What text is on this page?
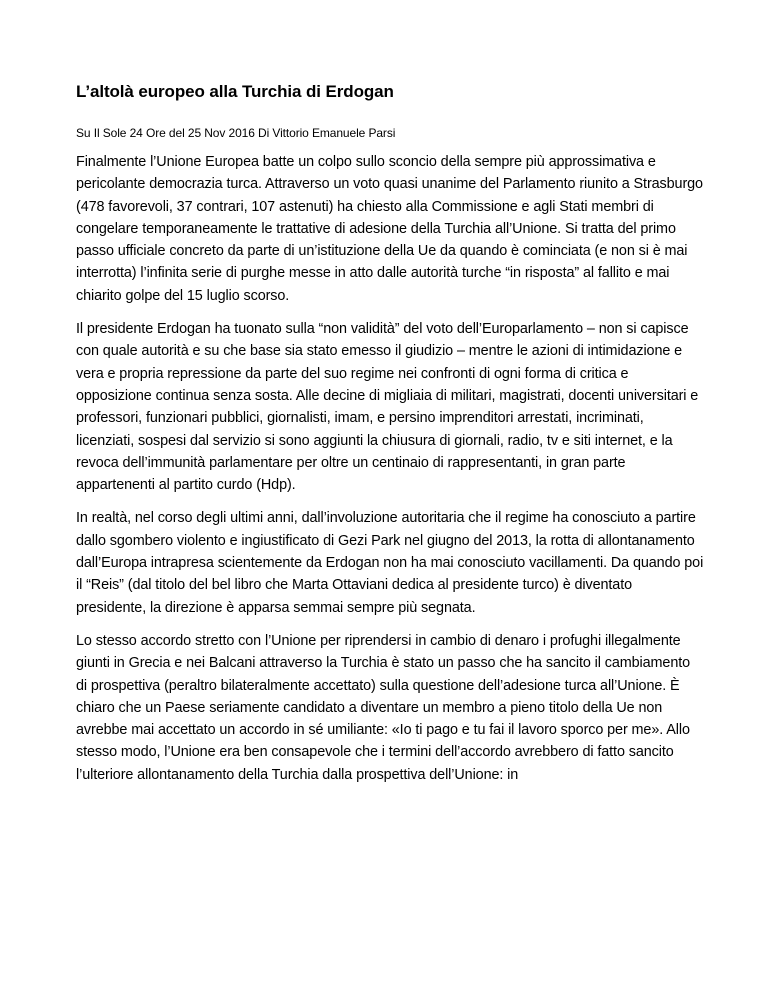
L’altolà europeo alla Turchia di Erdogan

Su Il Sole 24 Ore del 25 Nov 2016 Di Vittorio Emanuele Parsi

Finalmente l’Unione Europea batte un colpo sullo sconcio della sempre più approssimativa e pericolante democrazia turca. Attraverso un voto quasi unanime del Parlamento riunito a Strasburgo (478 favorevoli, 37 contrari, 107 astenuti) ha chiesto alla Commissione e agli Stati membri di congelare temporaneamente le trattative di adesione della Turchia all’Unione. Si tratta del primo passo ufficiale concreto da parte di un’istituzione della Ue da quando è cominciata (e non si è mai interrotta) l’infinita serie di purghe messe in atto dalle autorità turche “in risposta” al fallito e mai chiarito golpe del 15 luglio scorso.

Il presidente Erdogan ha tuonato sulla “non validità” del voto dell’Europarlamento – non si capisce con quale autorità e su che base sia stato emesso il giudizio – mentre le azioni di intimidazione e vera e propria repressione da parte del suo regime nei confronti di ogni forma di critica e opposizione continua senza sosta. Alle decine di migliaia di militari, magistrati, docenti universitari e professori, funzionari pubblici, giornalisti, imam, e persino imprenditori arrestati, incriminati, licenziati, sospesi dal servizio si sono aggiunti la chiusura di giornali, radio, tv e siti internet, e la revoca dell’immunità parlamentare per oltre un centinaio di rappresentanti, in gran parte appartenenti al partito curdo (Hdp).

In realtà, nel corso degli ultimi anni, dall’involuzione autoritaria che il regime ha conosciuto a partire dallo sgombero violento e ingiustificato di Gezi Park nel giugno del 2013, la rotta di allontanamento dall’Europa intrapresa scientemente da Erdogan non ha mai conosciuto vacillamenti. Da quando poi il “Reis” (dal titolo del bel libro che Marta Ottaviani dedica al presidente turco) è diventato presidente, la direzione è apparsa semmai sempre più segnata.

Lo stesso accordo stretto con l’Unione per riprendersi in cambio di denaro i profughi illegalmente giunti in Grecia e nei Balcani attraverso la Turchia è stato un passo che ha sancito il cambiamento di prospettiva (peraltro bilateralmente accettato) sulla questione dell’adesione turca all’Unione. È chiaro che un Paese seriamente candidato a diventare un membro a pieno titolo della Ue non avrebbe mai accettato un accordo in sé umiliante: «Io ti pago e tu fai il lavoro sporco per me». Allo stesso modo, l’Unione era ben consapevole che i termini dell’accordo avrebbero di fatto sancito l’ulteriore allontanamento della Turchia dalla prospettiva dell’Unione: in
